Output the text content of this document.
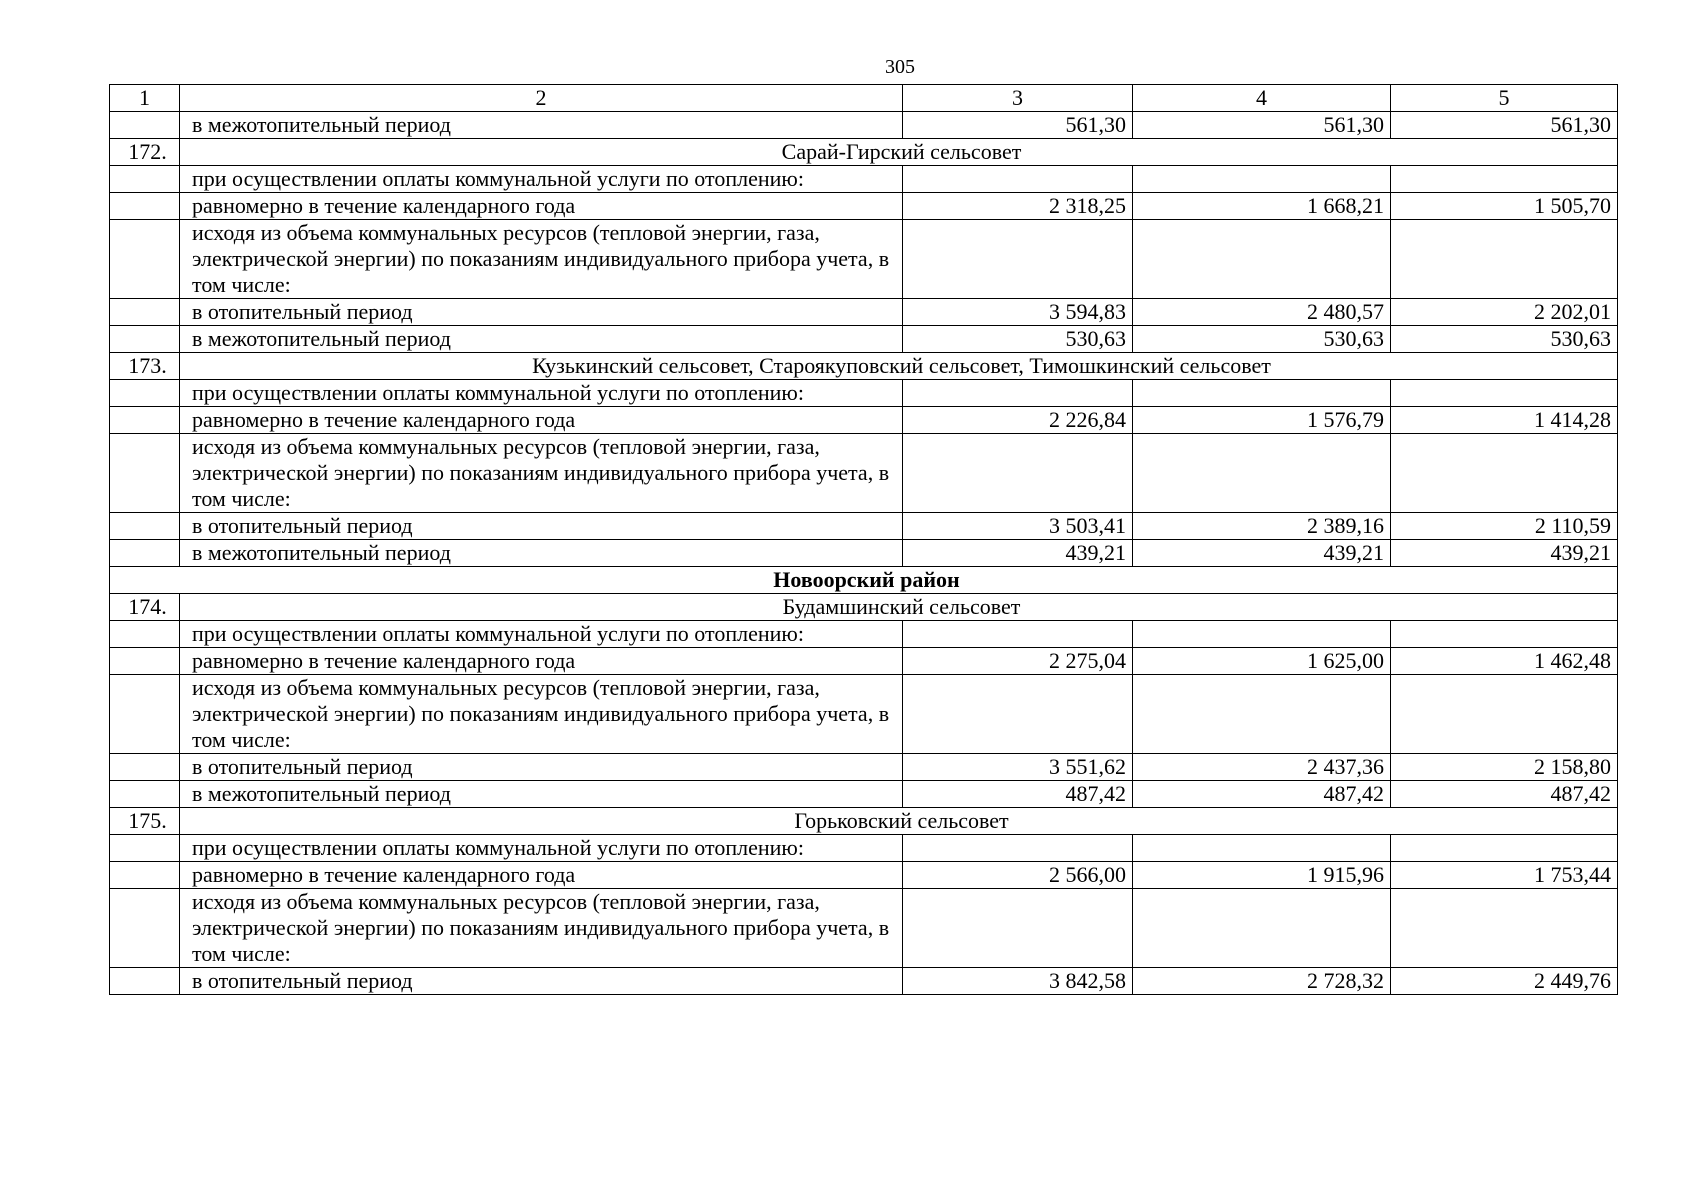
305
1	2	3	4	5
	в межотопительный период	561,30	561,30	561,30
172.	Сарай-Гирский сельсовет			
	при осуществлении оплаты коммунальной услуги по отоплению:			
	равномерно в течение календарного года	2 318,25	1 668,21	1 505,70
	исходя из объема коммунальных ресурсов (тепловой энергии, газа, электрической энергии) по показаниям индивидуального прибора учета, в том числе:			
	в отопительный период	3 594,83	2 480,57	2 202,01
	в межотопительный период	530,63	530,63	530,63
173.	Кузькинский сельсовет, Староякуповский сельсовет, Тимошкинский сельсовет			
	при осуществлении оплаты коммунальной услуги по отоплению:			
	равномерно в течение календарного года	2 226,84	1 576,79	1 414,28
	исходя из объема коммунальных ресурсов (тепловой энергии, газа, электрической энергии) по показаниям индивидуального прибора учета, в том числе:			
	в отопительный период	3 503,41	2 389,16	2 110,59
	в межотопительный период	439,21	439,21	439,21
Новоорский район				
174.	Будамшинский сельсовет			
	при осуществлении оплаты коммунальной услуги по отоплению:			
	равномерно в течение календарного года	2 275,04	1 625,00	1 462,48
	исходя из объема коммунальных ресурсов (тепловой энергии, газа, электрической энергии) по показаниям индивидуального прибора учета, в том числе:			
	в отопительный период	3 551,62	2 437,36	2 158,80
	в межотопительный период	487,42	487,42	487,42
175.	Горьковский сельсовет			
	при осуществлении оплаты коммунальной услуги по отоплению:			
	равномерно в течение календарного года	2 566,00	1 915,96	1 753,44
	исходя из объема коммунальных ресурсов (тепловой энергии, газа, электрической энергии) по показаниям индивидуального прибора учета, в том числе:			
	в отопительный период	3 842,58	2 728,32	2 449,76
